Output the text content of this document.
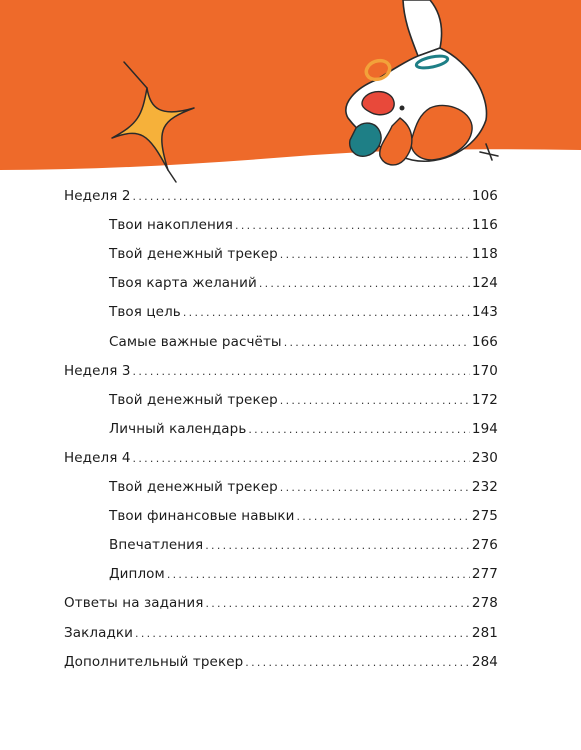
Неделя 2 . . .	106
Твои накопления . . .	116
Твой денежный трекер . . .	118
Твоя карта желаний . . .	124
Твоя цель . . .	143
Самые важные расчёты . . .	166
Неделя 3 . . .	170
Твой денежный трекер . . .	172
Личный календарь . . .	194
Неделя 4 . . .	230
Твой денежный трекер . . .	232
Твои финансовые навыки . . .	275
Впечатления . . .	276
Диплом . . .	277
Ответы на задания . . .	278
Закладки . . .	281
Дополнительный трекер . . .	284
